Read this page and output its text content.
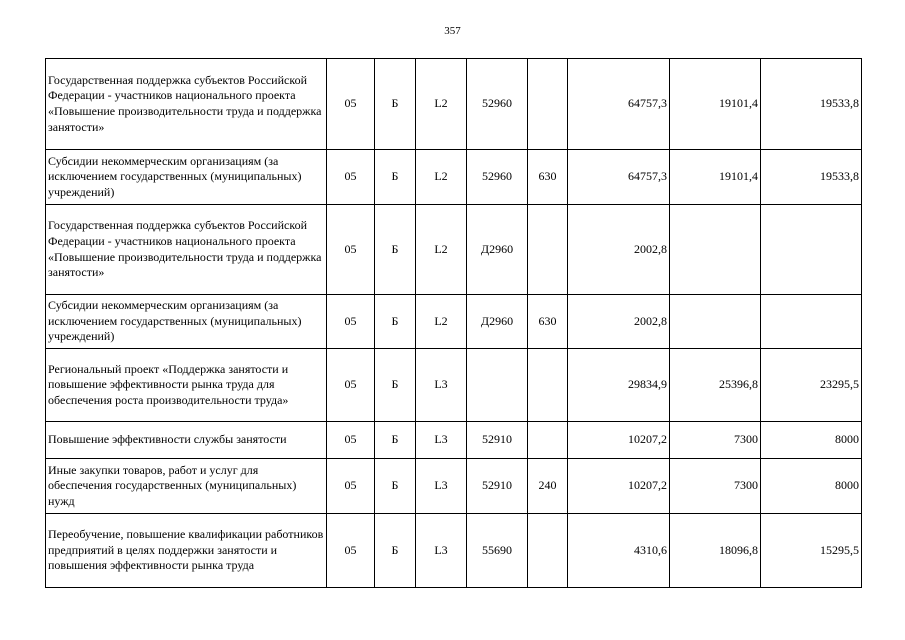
357
Государственная поддержка субъектов Российской Федерации - участников национального проекта «Повышение производительности труда и поддержка занятости»	05	Б	L2	52960		64757,3	19101,4	19533,8
Субсидии некоммерческим организациям (за исключением государственных (муниципальных) учреждений)	05	Б	L2	52960	630	64757,3	19101,4	19533,8
Государственная поддержка субъектов Российской Федерации - участников национального проекта «Повышение производительности труда и поддержка занятости»	05	Б	L2	Д2960		2002,8		
Субсидии некоммерческим организациям (за исключением государственных (муниципальных) учреждений)	05	Б	L2	Д2960	630	2002,8		
Региональный проект «Поддержка занятости и повышение эффективности рынка труда для обеспечения роста производительности труда»	05	Б	L3			29834,9	25396,8	23295,5
Повышение эффективности службы занятости	05	Б	L3	52910		10207,2	7300	8000
Иные закупки товаров, работ и услуг для обеспечения государственных (муниципальных) нужд	05	Б	L3	52910	240	10207,2	7300	8000
Переобучение, повышение квалификации работников предприятий в целях поддержки занятости и повышения эффективности рынка труда	05	Б	L3	55690		4310,6	18096,8	15295,5
